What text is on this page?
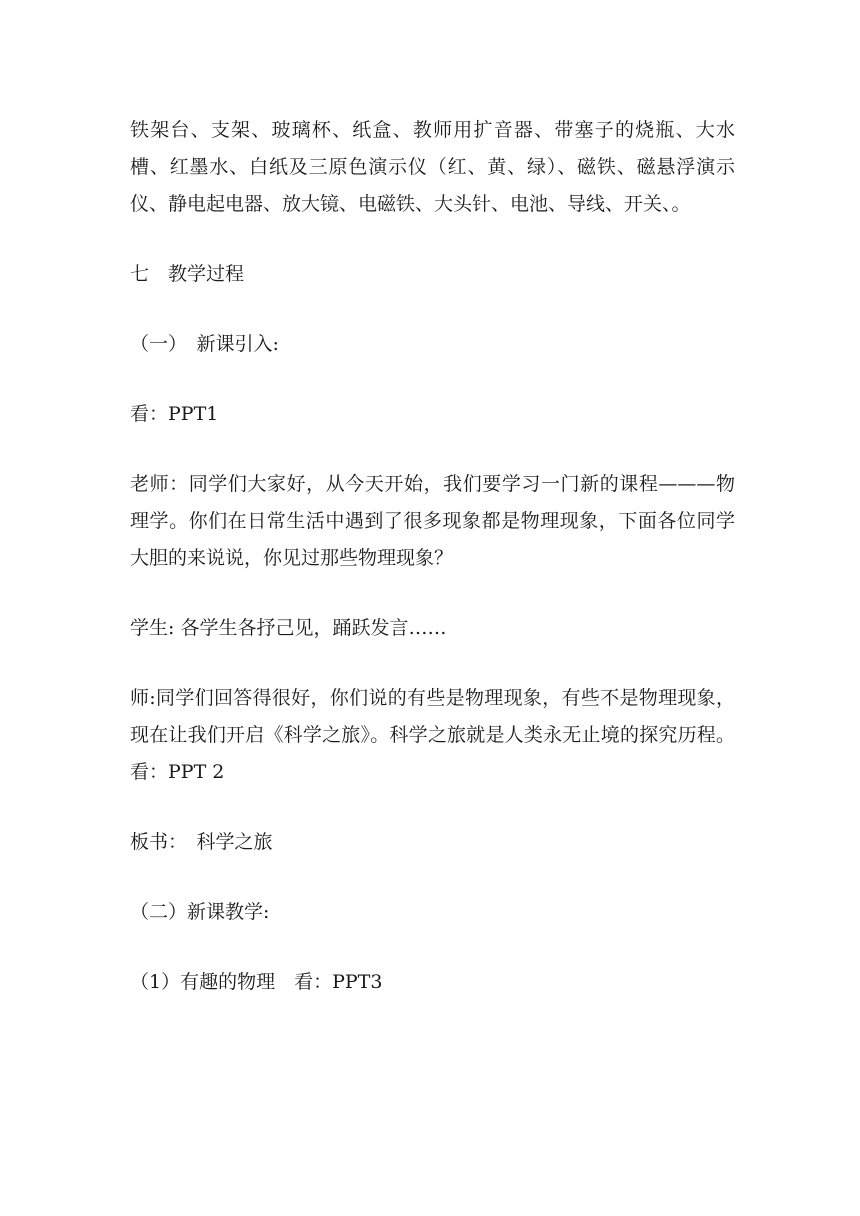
铁架台、支架、玻璃杯、纸盒、教师用扩音器、带塞子的烧瓶、大水槽、红墨水、白纸及三原色演示仪（红、黄、绿）、磁铁、磁悬浮演示仪、静电起电器、放大镜、电磁铁、大头针、电池、导线、开关、。

七　教学过程

（一）　新课引入:

看：PPT1

老师：同学们大家好，从今天开始，我们要学习一门新的课程———物理学。你们在日常生活中遇到了很多现象都是物理现象，下面各位同学大胆的来说说，你见过那些物理现象？

学生: 各学生各抒己见，踊跃发言……

师:同学们回答得很好，你们说的有些是物理现象，有些不是物理现象，现在让我们开启《科学之旅》。科学之旅就是人类永无止境的探究历程。看：PPT 2

板书：　科学之旅

（二）新课教学:

（1）有趣的物理　看：PPT3
